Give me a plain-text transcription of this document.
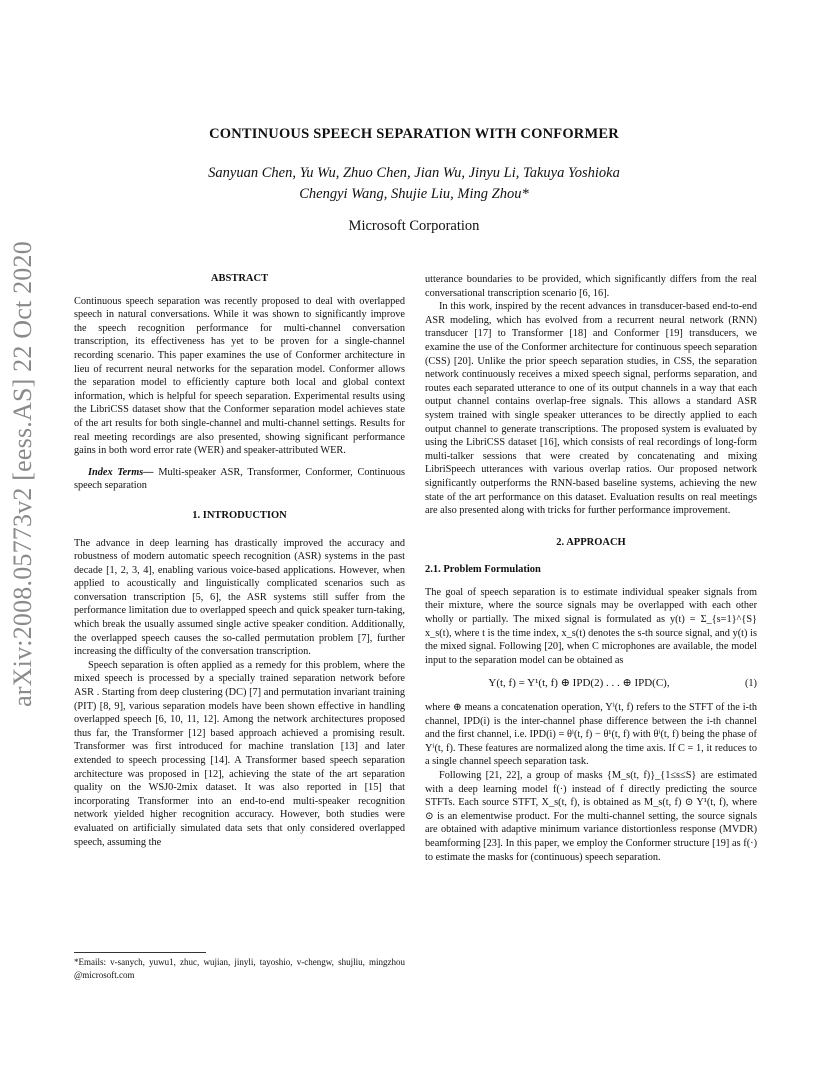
arXiv:2008.05773v2 [eess.AS] 22 Oct 2020
CONTINUOUS SPEECH SEPARATION WITH CONFORMER
Sanyuan Chen, Yu Wu, Zhuo Chen, Jian Wu, Jinyu Li, Takuya Yoshioka
Chengyi Wang, Shujie Liu, Ming Zhou*
Microsoft Corporation

ABSTRACT

Continuous speech separation was recently proposed to deal with overlapped speech in natural conversations. While it was shown to significantly improve the speech recognition performance for multi-channel conversation transcription, its effectiveness has yet to be proven for a single-channel recording scenario. This paper examines the use of Conformer architecture in lieu of recurrent neural networks for the separation model. Conformer allows the separation model to efficiently capture both local and global context information, which is helpful for speech separation. Experimental results using the LibriCSS dataset show that the Conformer separation model achieves state of the art results for both single-channel and multi-channel settings. Results for real meeting recordings are also presented, showing significant performance gains in both word error rate (WER) and speaker-attributed WER.

Index Terms— Multi-speaker ASR, Transformer, Conformer, Continuous speech separation

1. INTRODUCTION

The advance in deep learning has drastically improved the accuracy and robustness of modern automatic speech recognition (ASR) systems in the past decade [1, 2, 3, 4], enabling various voice-based applications. However, when applied to acoustically and linguistically complicated scenarios such as conversation transcription [5, 6], the ASR systems still suffer from the performance limitation due to overlapped speech and quick speaker turn-taking, which break the usually assumed single active speaker condition. Additionally, the overlapped speech causes the so-called permutation problem [7], further increasing the difficulty of the conversation transcription.

Speech separation is often applied as a remedy for this problem, where the mixed speech is processed by a specially trained separation network before ASR . Starting from deep clustering (DC) [7] and permutation invariant training (PIT) [8, 9], various separation models have been shown effective in handling overlapped speech [6, 10, 11, 12]. Among the network architectures proposed thus far, the Transformer [12] based approach achieved a promising result. Transformer was first introduced for machine translation [13] and later extended to speech processing [14]. A Transformer based speech separation architecture was proposed in [12], achieving the state of the art separation quality on the WSJ0-2mix dataset. It was also reported in [15] that incorporating Transformer into an end-to-end multi-speaker recognition network yielded higher recognition accuracy. However, both studies were evaluated on artificially simulated data sets that only considered overlapped speech, assuming the

utterance boundaries to be provided, which significantly differs from the real conversational transcription scenario [6, 16].

In this work, inspired by the recent advances in transducer-based end-to-end ASR modeling, which has evolved from a recurrent neural network (RNN) transducer [17] to Transformer [18] and Conformer [19] transducers, we examine the use of the Conformer architecture for continuous speech separation (CSS) [20]. Unlike the prior speech separation studies, in CSS, the separation network continuously receives a mixed speech signal, performs separation, and routes each separated utterance to one of its output channels in a way that each output channel contains overlap-free signals. This allows a standard ASR system trained with single speaker utterances to be directly applied to each output channel to generate transcriptions. The proposed system is evaluated by using the LibriCSS dataset [16], which consists of real recordings of long-form multi-talker sessions that were created by concatenating and mixing LibriSpeech utterances with various overlap ratios. Our proposed network significantly outperforms the RNN-based baseline systems, achieving the new state of the art performance on this dataset. Evaluation results on real meetings are also presented along with tricks for further performance improvement.

2. APPROACH

2.1. Problem Formulation

The goal of speech separation is to estimate individual speaker signals from their mixture, where the source signals may be overlapped with each other wholly or partially. The mixed signal is formulated as y(t) = Σ_{s=1}^{S} x_s(t), where t is the time index, x_s(t) denotes the s-th source signal, and y(t) is the mixed signal. Following [20], when C microphones are available, the model input to the separation model can be obtained as

Y(t, f) = Y¹(t, f) ⊕ IPD(2) . . . ⊕ IPD(C),	(1)

where ⊕ means a concatenation operation, Yⁱ(t, f) refers to the STFT of the i-th channel, IPD(i) is the inter-channel phase difference between the i-th channel and the first channel, i.e. IPD(i) = θⁱ(t, f) − θ¹(t, f) with θⁱ(t, f) being the phase of Yⁱ(t, f). These features are normalized along the time axis. If C = 1, it reduces to a single channel speech separation task.

Following [21, 22], a group of masks {M_s(t, f)}_{1≤s≤S} are estimated with a deep learning model f(·) instead of f directly predicting the source STFTs. Each source STFT, X_s(t, f), is obtained as M_s(t, f) ⊙ Y¹(t, f), where ⊙ is an elementwise product. For the multi-channel setting, the source signals are obtained with adaptive minimum variance distortionless response (MVDR) beamforming [23]. In this paper, we employ the Conformer structure [19] as f(·) to estimate the masks for (continuous) speech separation.

*Emails: v-sanych, yuwu1, zhuc, wujian, jinyli, tayoshio, v-chengw, shujliu, mingzhou @microsoft.com
